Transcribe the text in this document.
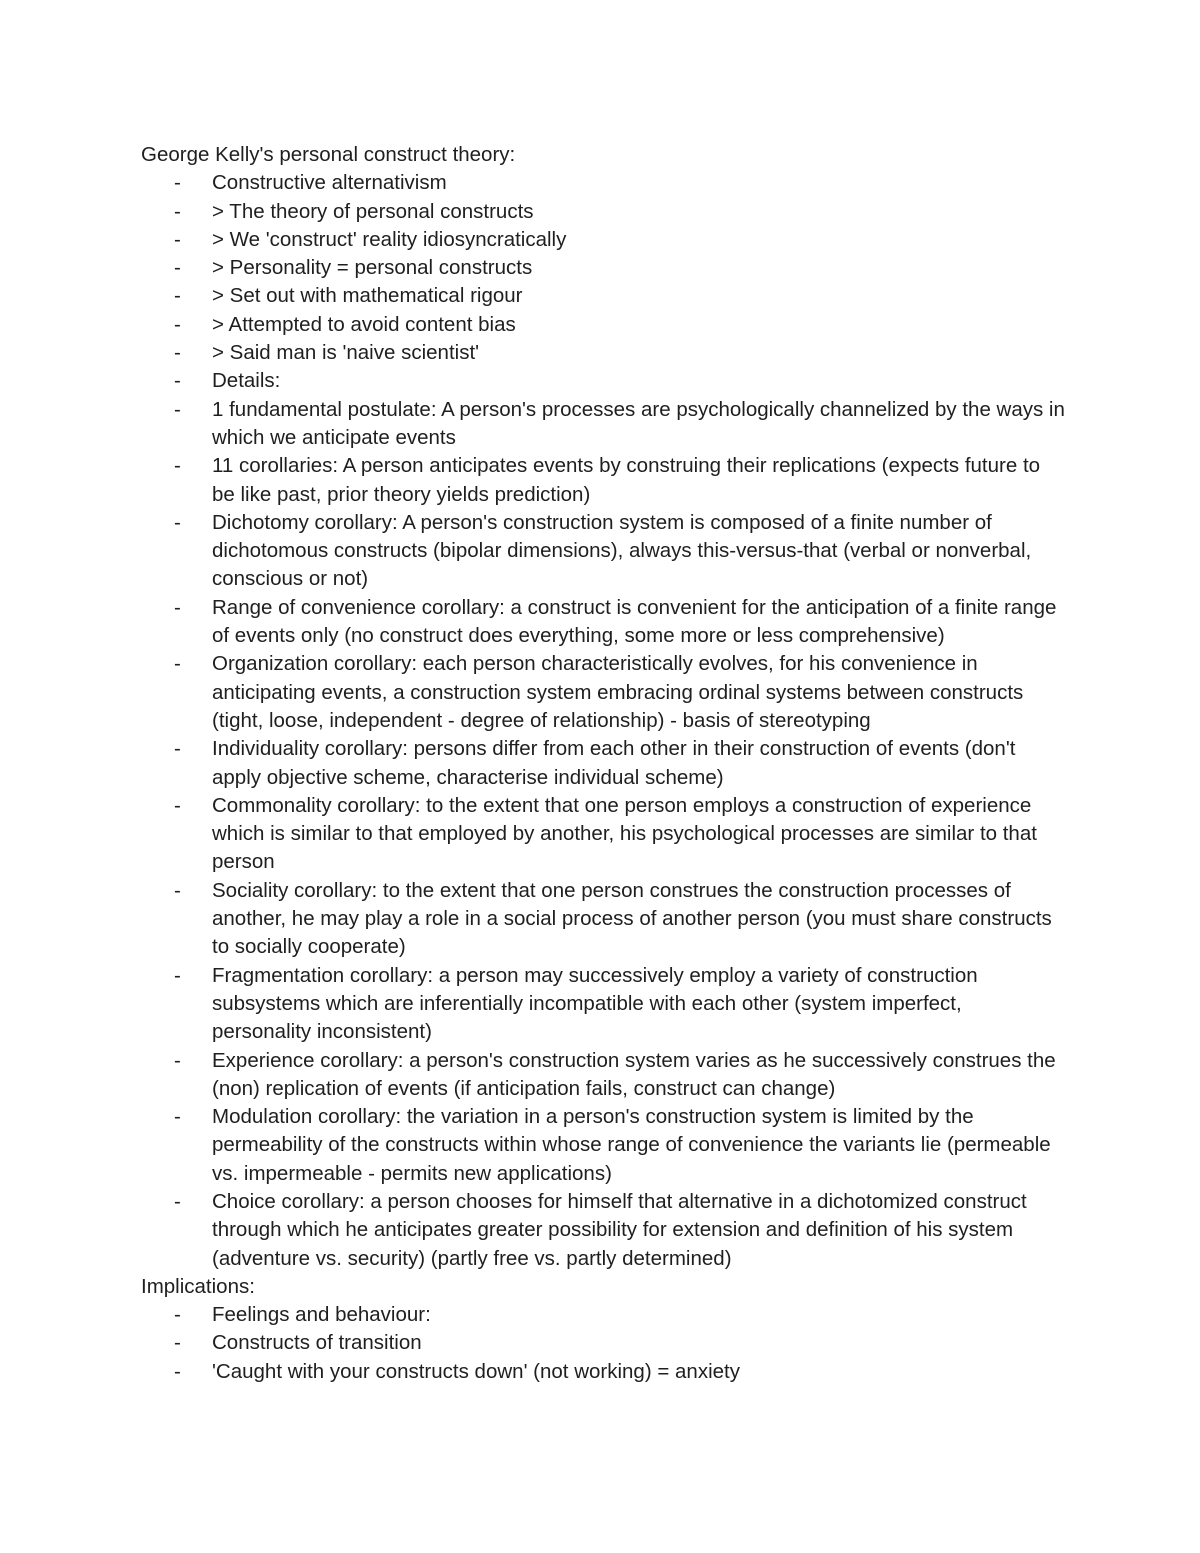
George Kelly's personal construct theory:
-	Constructive alternativism
-	> The theory of personal constructs
-	> We 'construct' reality idiosyncratically
-	> Personality = personal constructs
-	> Set out with mathematical rigour
-	> Attempted to avoid content bias
-	> Said man is 'naive scientist'
-	Details:
-	1 fundamental postulate: A person's processes are psychologically channelized by the ways in which we anticipate events
-	11 corollaries: A person anticipates events by construing their replications (expects future to be like past, prior theory yields prediction)
-	Dichotomy corollary: A person's construction system is composed of a finite number of dichotomous constructs (bipolar dimensions), always this-versus-that (verbal or nonverbal, conscious or not)
-	Range of convenience corollary: a construct is convenient for the anticipation of a finite range of events only (no construct does everything, some more or less comprehensive)
-	Organization corollary: each person characteristically evolves, for his convenience in anticipating events, a construction system embracing ordinal systems between constructs (tight, loose, independent - degree of relationship) - basis of stereotyping
-	Individuality corollary: persons differ from each other in their construction of events (don't apply objective scheme, characterise individual scheme)
-	Commonality corollary: to the extent that one person employs a construction of experience which is similar to that employed by another, his psychological processes are similar to that person
-	Sociality corollary: to the extent that one person construes the construction processes of another, he may play a role in a social process of another person (you must share constructs to socially cooperate)
-	Fragmentation corollary: a person may successively employ a variety of construction subsystems which are inferentially incompatible with each other (system imperfect, personality inconsistent)
-	Experience corollary: a person's construction system varies as he successively construes the (non) replication of events (if anticipation fails, construct can change)
-	Modulation corollary: the variation in a person's construction system is limited by the permeability of the constructs within whose range of convenience the variants lie (permeable vs. impermeable - permits new applications)
-	Choice corollary: a person chooses for himself that alternative in a dichotomized construct through which he anticipates greater possibility for extension and definition of his system (adventure vs. security) (partly free vs. partly determined)
Implications:
-	Feelings and behaviour:
-	Constructs of transition
-	'Caught with your constructs down' (not working) = anxiety
